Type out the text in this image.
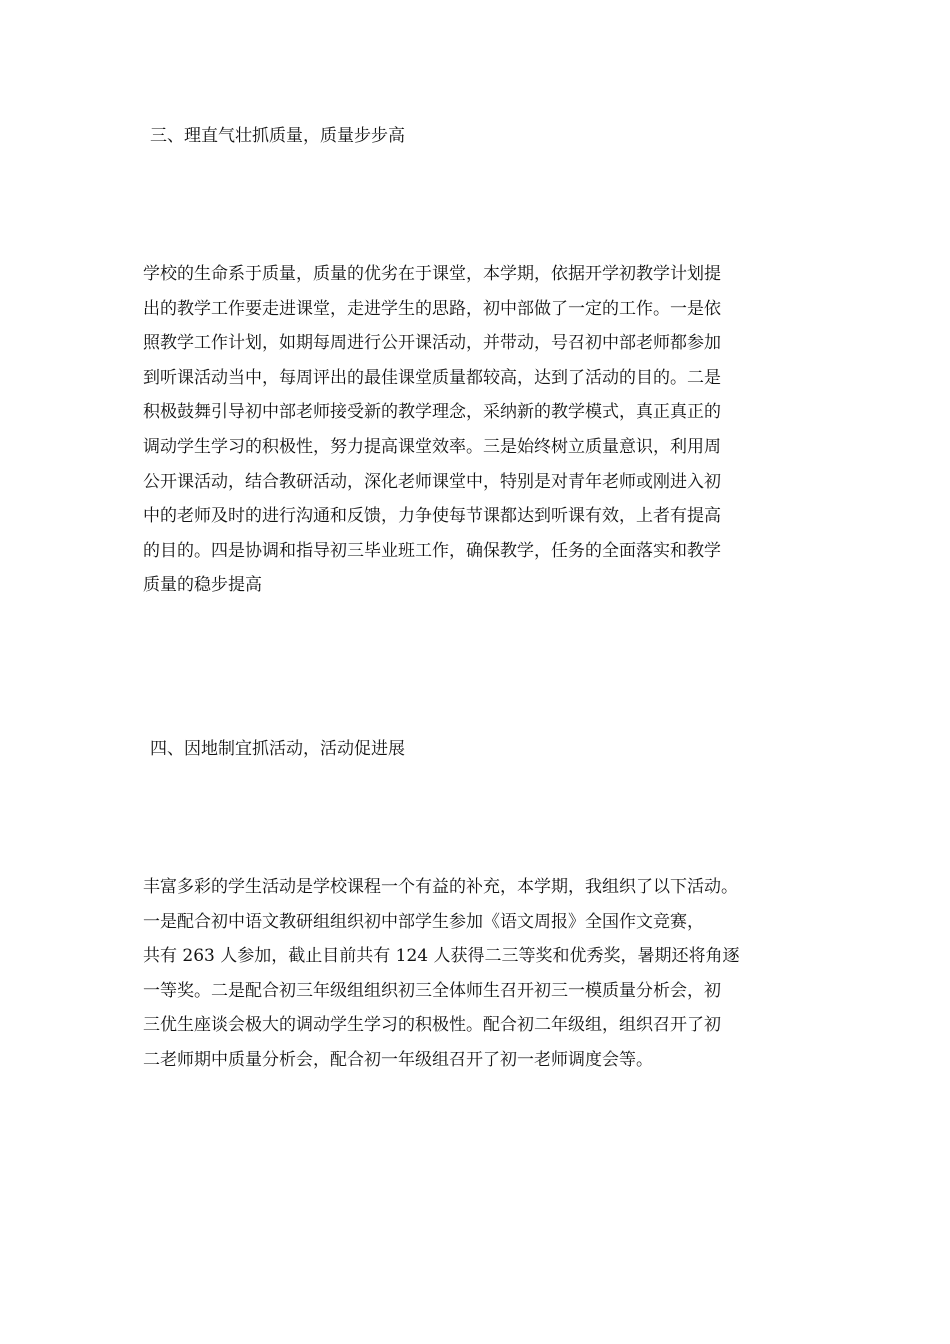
三、理直气壮抓质量，质量步步高
学校的生命系于质量，质量的优劣在于课堂，本学期，依据开学初教学计划提
出的教学工作要走进课堂，走进学生的思路，初中部做了一定的工作。一是依
照教学工作计划，如期每周进行公开课活动，并带动，号召初中部老师都参加
到听课活动当中，每周评出的最佳课堂质量都较高，达到了活动的目的。二是
积极鼓舞引导初中部老师接受新的教学理念，采纳新的教学模式，真正真正的
调动学生学习的积极性，努力提高课堂效率。三是始终树立质量意识，利用周
公开课活动，结合教研活动，深化老师课堂中，特别是对青年老师或刚进入初
中的老师及时的进行沟通和反馈，力争使每节课都达到听课有效，上者有提高
的目的。四是协调和指导初三毕业班工作，确保教学，任务的全面落实和教学
质量的稳步提高
四、因地制宜抓活动，活动促进展
丰富多彩的学生活动是学校课程一个有益的补充，本学期，我组织了以下活动。
一是配合初中语文教研组组织初中部学生参加《语文周报》全国作文竞赛，
共有 263 人参加，截止目前共有 124 人获得二三等奖和优秀奖，暑期还将角逐
一等奖。二是配合初三年级组组织初三全体师生召开初三一模质量分析会，初
三优生座谈会极大的调动学生学习的积极性。配合初二年级组，组织召开了初
二老师期中质量分析会，配合初一年级组召开了初一老师调度会等。
